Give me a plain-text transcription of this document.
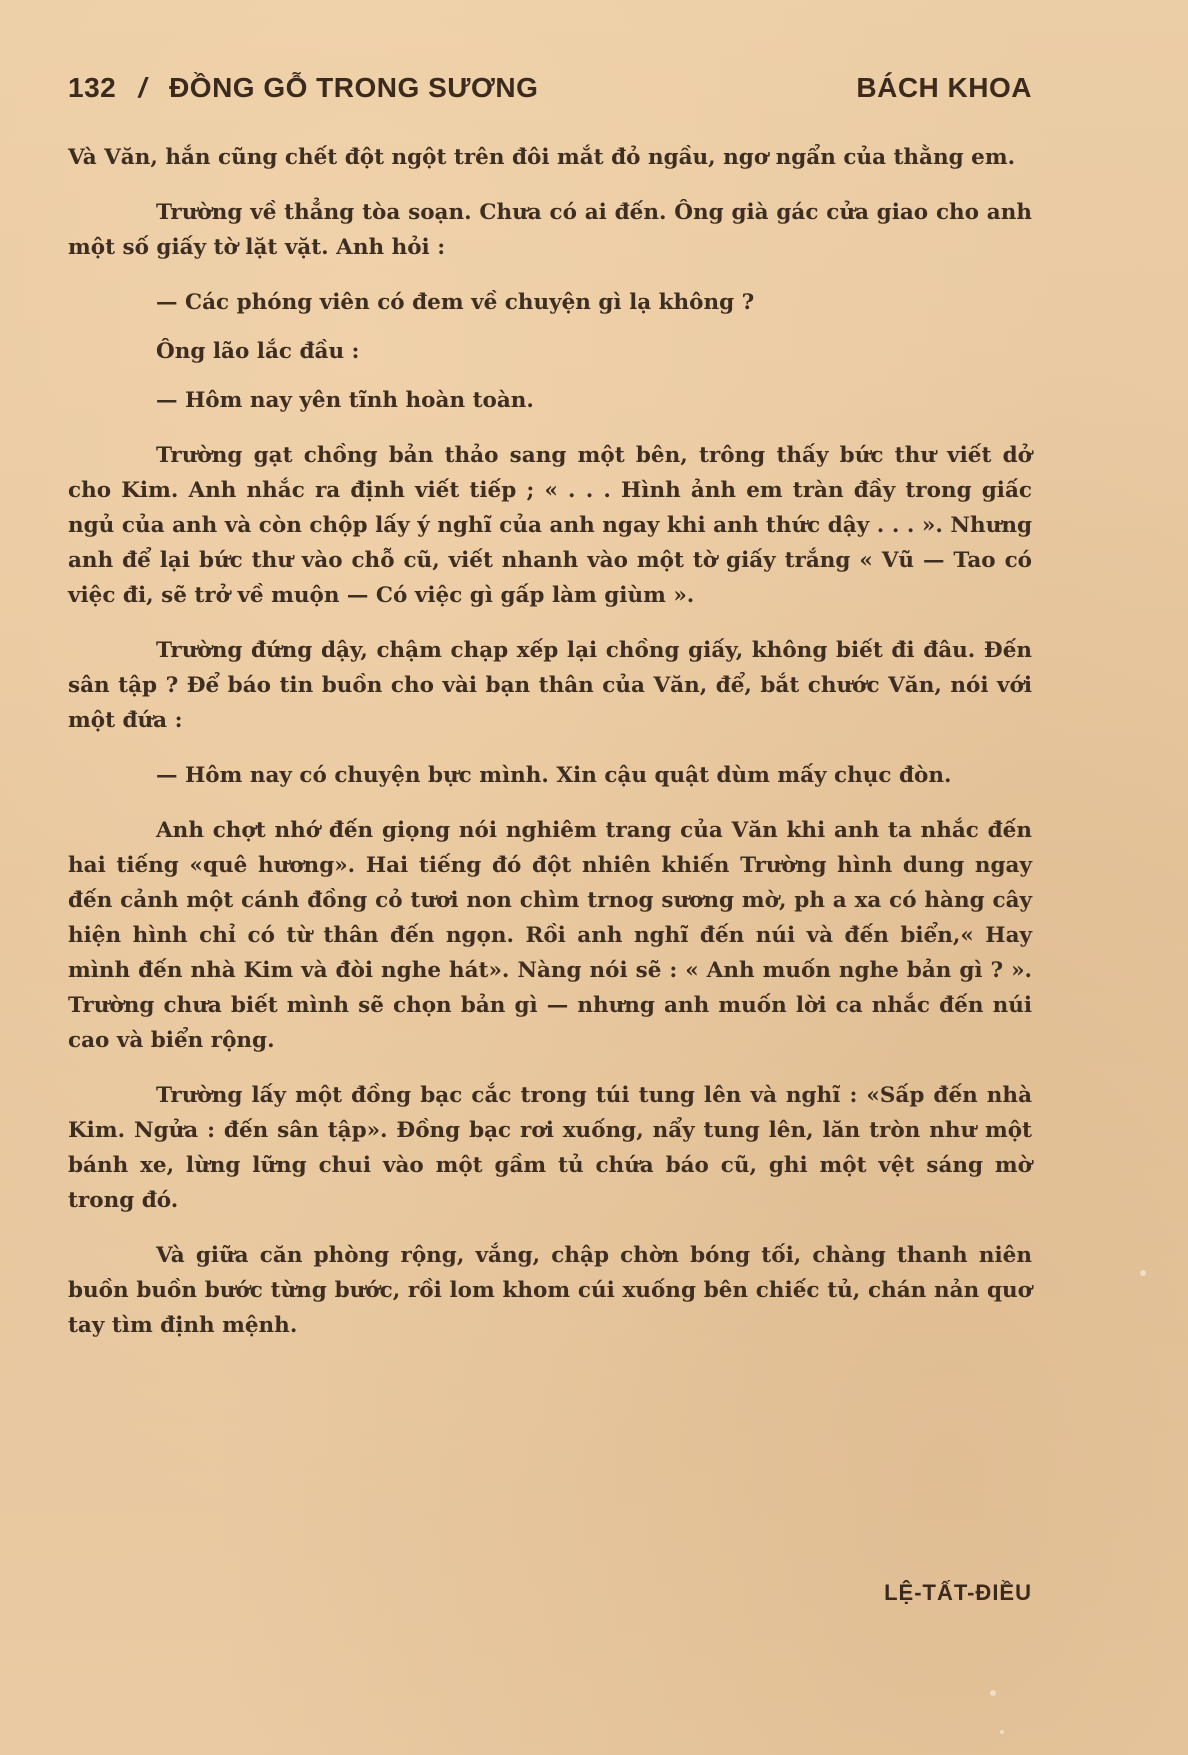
132 / ĐỒNG GỖ TRONG SƯƠNG	BÁCH KHOA

Và Văn, hắn cũng chết đột ngột trên đôi mắt đỏ ngầu, ngơ ngẩn của thằng em.

Trường về thẳng tòa soạn. Chưa có ai đến. Ông già gác cửa giao cho anh một số giấy tờ lặt vặt. Anh hỏi :

— Các phóng viên có đem về chuyện gì lạ không ?

Ông lão lắc đầu :

— Hôm nay yên tĩnh hoàn toàn.

Trường gạt chồng bản thảo sang một bên, trông thấy bức thư viết dở cho Kim. Anh nhắc ra định viết tiếp ; « . . . Hình ảnh em tràn đầy trong giấc ngủ của anh và còn chộp lấy ý nghĩ của anh ngay khi anh thức dậy . . . ». Nhưng anh để lại bức thư vào chỗ cũ, viết nhanh vào một tờ giấy trắng « Vũ — Tao có việc đi, sẽ trở về muộn — Có việc gì gấp làm giùm ».

Trường đứng dậy, chậm chạp xếp lại chồng giấy, không biết đi đâu. Đến sân tập ? Để báo tin buồn cho vài bạn thân của Văn, để, bắt chước Văn, nói với một đứa :

— Hôm nay có chuyện bực mình. Xin cậu quật dùm mấy chục đòn.

Anh chợt nhớ đến giọng nói nghiêm trang của Văn khi anh ta nhắc đến hai tiếng «quê hương». Hai tiếng đó đột nhiên khiến Trường hình dung ngay đến cảnh một cánh đồng cỏ tươi non chìm trnog sương mờ, ph a xa có hàng cây hiện hình chỉ có từ thân đến ngọn. Rồi anh nghĩ đến núi và đến biển,« Hay mình đến nhà Kim và đòi nghe hát». Nàng nói sẽ : « Anh muốn nghe bản gì ? ». Trường chưa biết mình sẽ chọn bản gì — nhưng anh muốn lời ca nhắc đến núi cao và biển rộng.

Trường lấy một đồng bạc cắc trong túi tung lên và nghĩ : «Sấp đến nhà Kim. Ngửa : đến sân tập». Đồng bạc rơi xuống, nẩy tung lên, lăn tròn như một bánh xe, lừng lững chui vào một gầm tủ chứa báo cũ, ghi một vệt sáng mờ trong đó.

Và giữa căn phòng rộng, vắng, chập chờn bóng tối, chàng thanh niên buồn buồn bước từng bước, rồi lom khom cúi xuống bên chiếc tủ, chán nản quơ tay tìm định mệnh.

LỆ-TẤT-ĐIỀU
